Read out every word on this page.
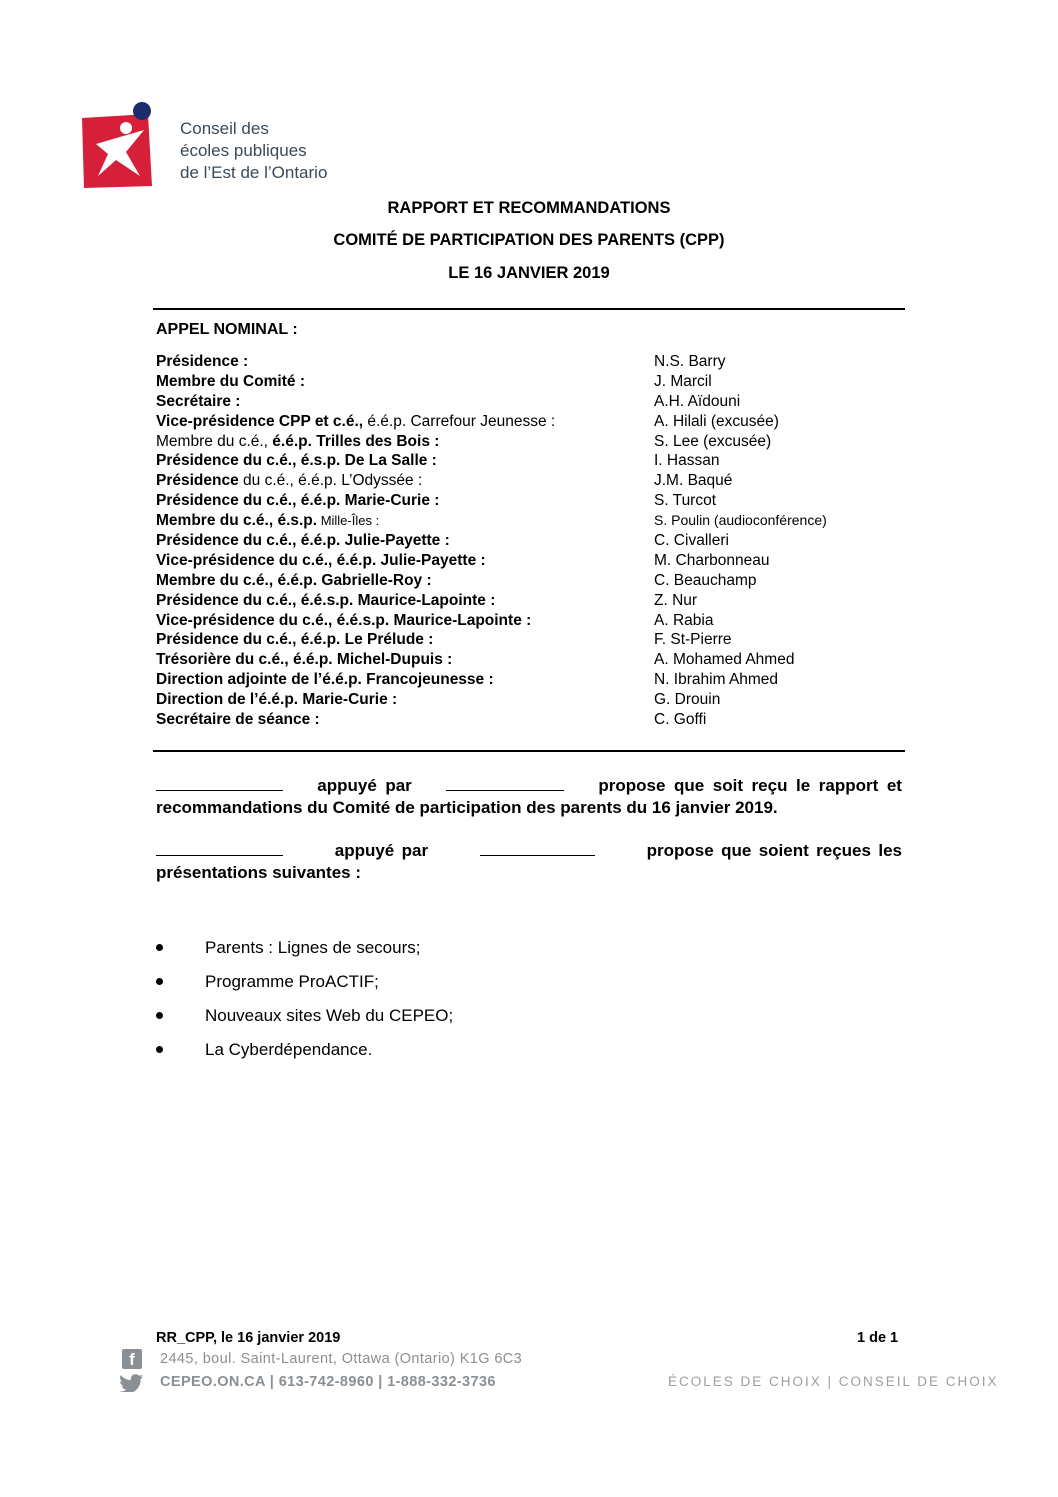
Conseil des
écoles publiques
de l’Est de l’Ontario
RAPPORT ET RECOMMANDATIONS
COMITÉ DE PARTICIPATION DES PARENTS (CPP)
LE 16 JANVIER 2019
APPEL NOMINAL :
Présidence :	N.S. Barry
Membre du Comité :	J. Marcil
Secrétaire :	A.H. Aïdouni
Vice-présidence CPP et c.é., é.é.p. Carrefour Jeunesse :	A. Hilali (excusée)
Membre du c.é., é.é.p. Trilles des Bois :	S. Lee (excusée)
Présidence du c.é., é.s.p. De La Salle :	I. Hassan
Présidence du c.é., é.é.p. L’Odyssée :	J.M. Baqué
Présidence du c.é., é.é.p. Marie-Curie :	S. Turcot
Membre du c.é., é.s.p. Mille-Îles :	S. Poulin (audioconférence)
Présidence du c.é., é.é.p. Julie-Payette :	C. Civalleri
Vice-présidence du c.é., é.é.p. Julie-Payette :	M. Charbonneau
Membre du c.é., é.é.p. Gabrielle-Roy :	C. Beauchamp
Présidence du c.é., é.é.s.p. Maurice-Lapointe :	Z. Nur
Vice-présidence du c.é., é.é.s.p. Maurice-Lapointe :	A. Rabia
Présidence du c.é., é.é.p. Le Prélude :	F. St-Pierre
Trésorière du c.é., é.é.p. Michel-Dupuis :	A. Mohamed Ahmed
Direction adjointe de l’é.é.p. Francojeunesse :	N. Ibrahim Ahmed
Direction de l’é.é.p. Marie-Curie :	G. Drouin
Secrétaire de séance :	C. Goffi
appuyé par	propose que soit reçu le rapport et recommandations du Comité de participation des parents du 16 janvier 2019.
appuyé par	propose que soient reçues les présentations suivantes :
Parents : Lignes de secours;
Programme ProACTIF;
Nouveaux sites Web du CEPEO;
La Cyberdépendance.
RR_CPP, le 16 janvier 2019	1 de 1
f	2445, boul. Saint-Laurent, Ottawa (Ontario) K1G 6C3
CEPEO.ON.CA | 613-742-8960 | 1-888-332-3736	ÉCOLES DE CHOIX | CONSEIL DE CHOIX
